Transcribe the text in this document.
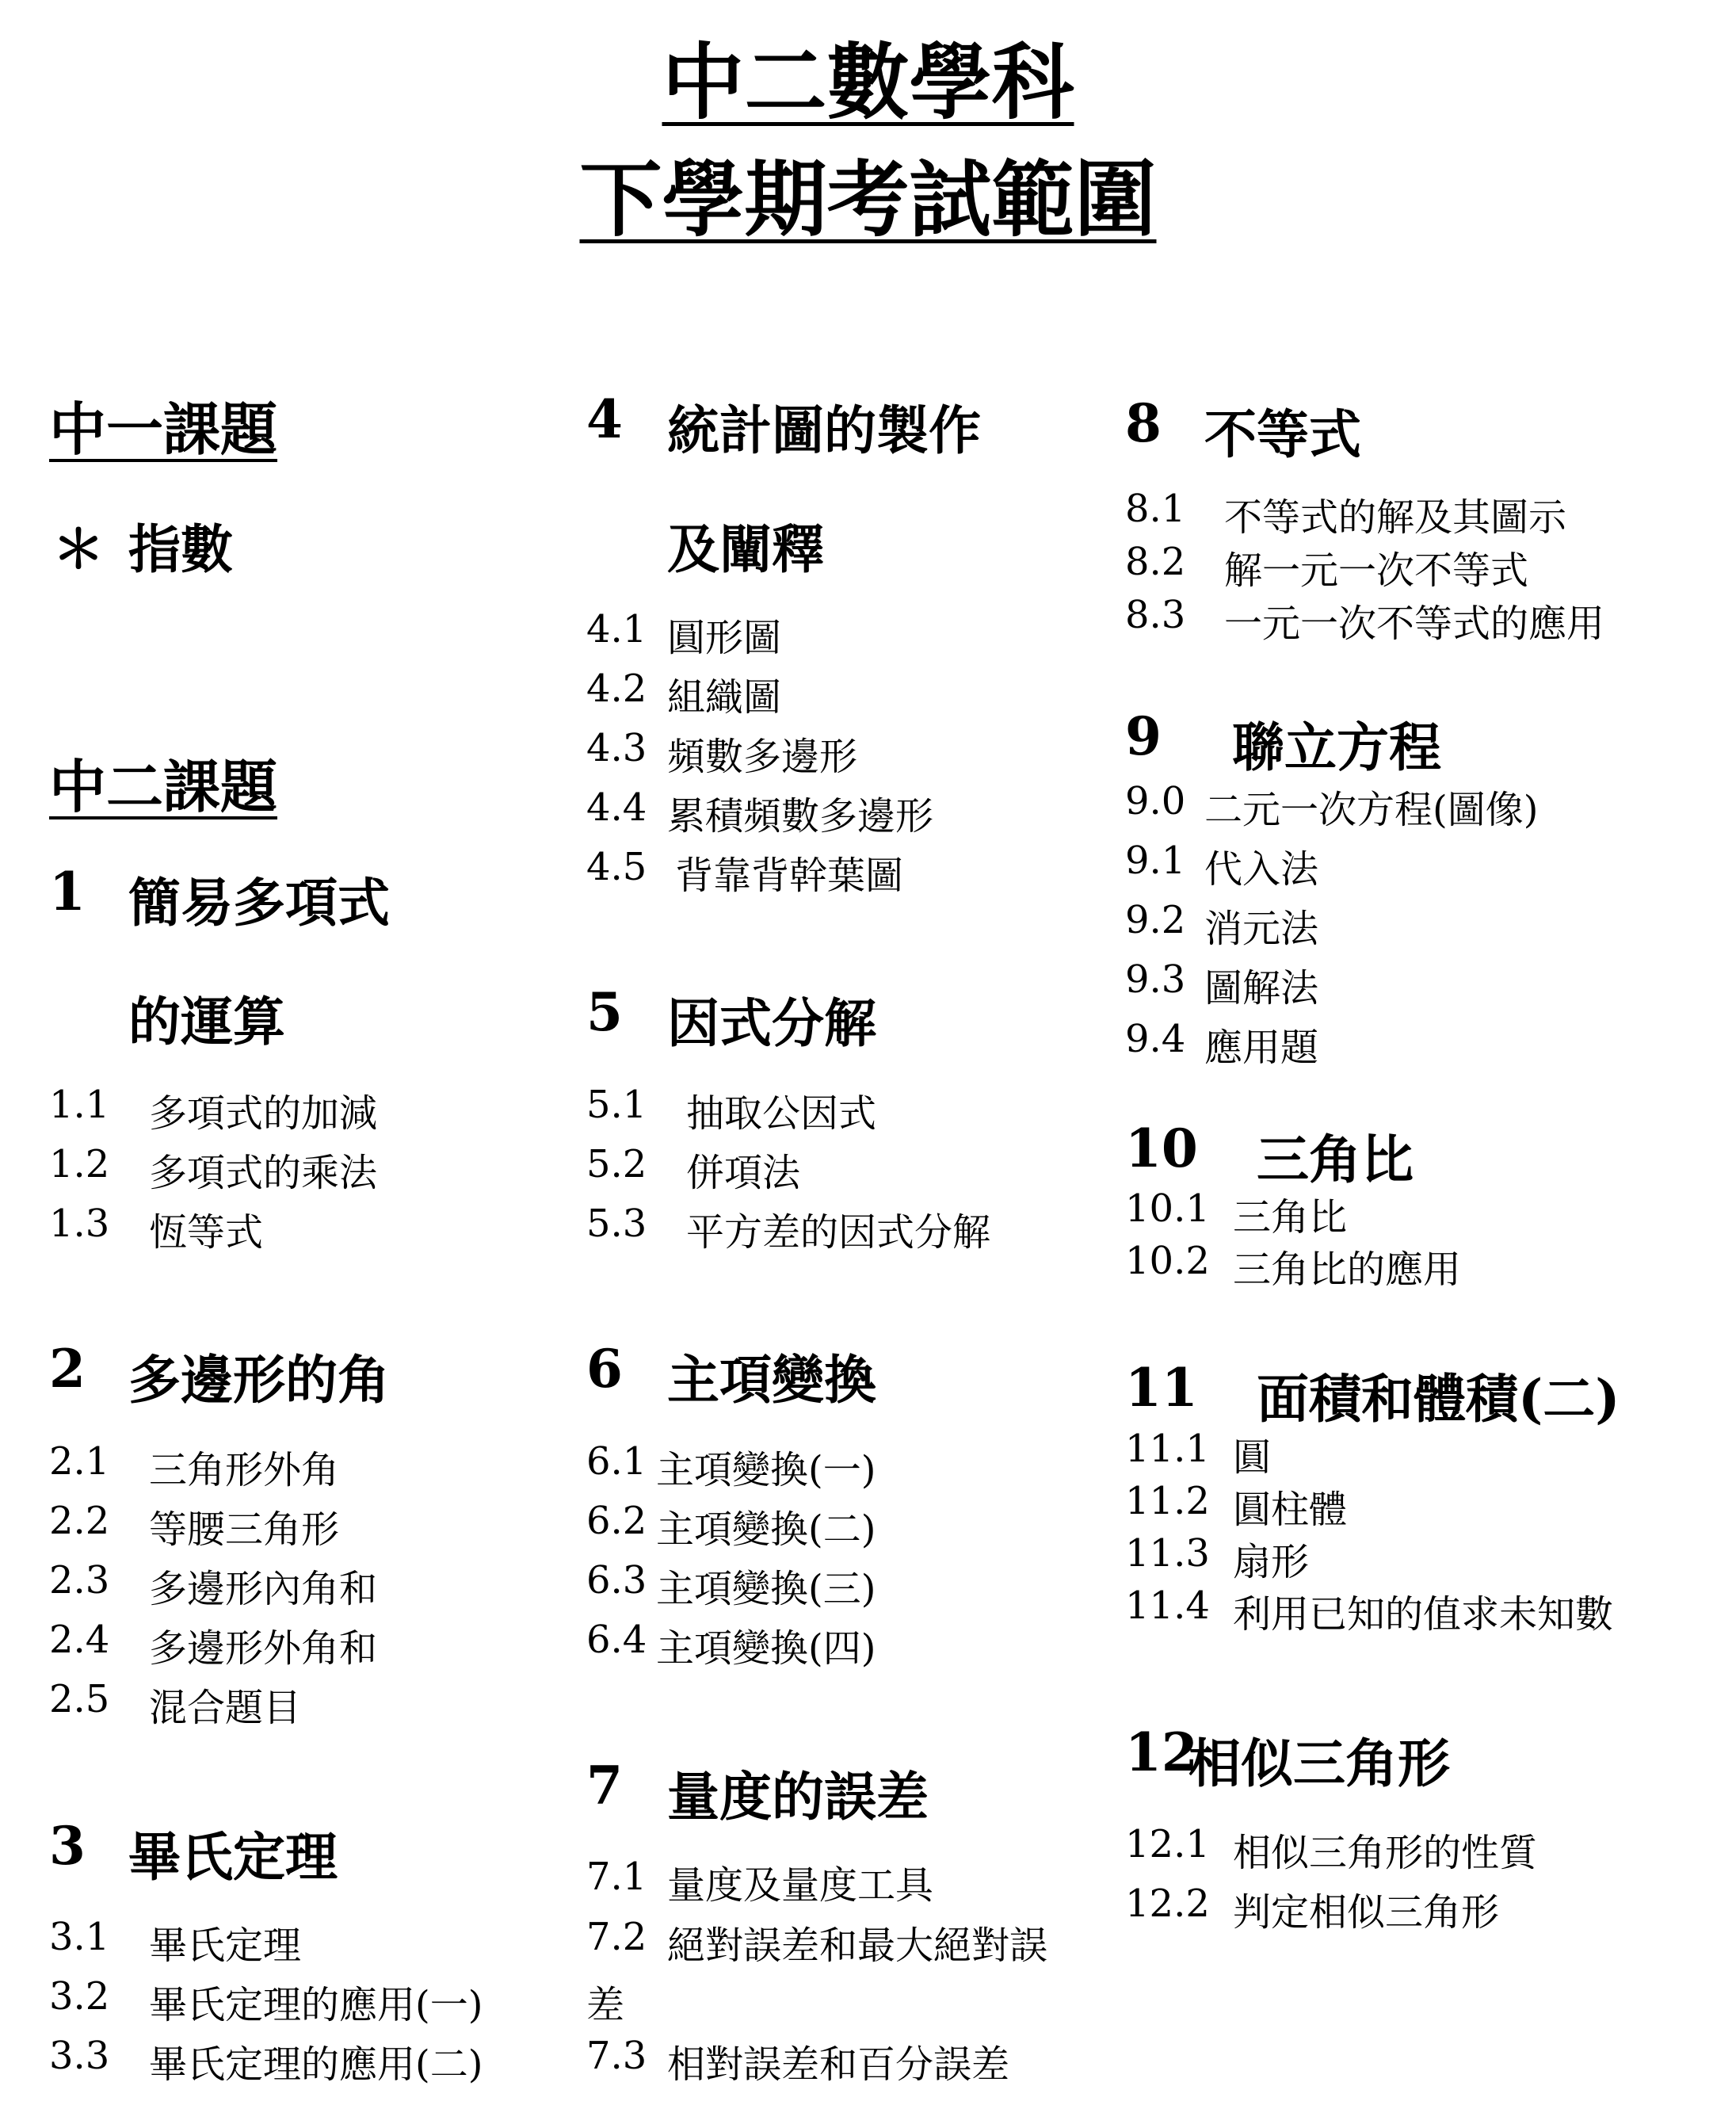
中二數學科
下學期考試範圍
中一課題
＊ 指數
中二課題
1 簡易多項式
的運算
1.1 多項式的加減
1.2 多項式的乘法
1.3 恆等式
2 多邊形的角
2.1 三角形外角
2.2 等腰三角形
2.3 多邊形內角和
2.4 多邊形外角和
2.5 混合題目
3 畢氏定理
3.1 畢氏定理
3.2 畢氏定理的應用(一)
3.3 畢氏定理的應用(二)
4 統計圖的製作
及闡釋
4.1 圓形圖
4.2 組織圖
4.3 頻數多邊形
4.4 累積頻數多邊形
4.5 背靠背幹葉圖
5 因式分解
5.1 抽取公因式
5.2 併項法
5.3 平方差的因式分解
6 主項變換
6.1 主項變換(一)
6.2 主項變換(二)
6.3 主項變換(三)
6.4 主項變換(四)
7 量度的誤差
7.1 量度及量度工具
7.2 絕對誤差和最大絕對誤
差
7.3 相對誤差和百分誤差
8 不等式
8.1 不等式的解及其圖示
8.2 解一元一次不等式
8.3 一元一次不等式的應用
9 聯立方程
9.0 二元一次方程(圖像)
9.1 代入法
9.2 消元法
9.3 圖解法
9.4 應用題
10 三角比
10.1 三角比
10.2 三角比的應用
11 面積和體積(二)
11.1 圓
11.2 圓柱體
11.3 扇形
11.4 利用已知的值求未知數
12
相似三角形
12.1 相似三角形的性質
12.2 判定相似三角形
